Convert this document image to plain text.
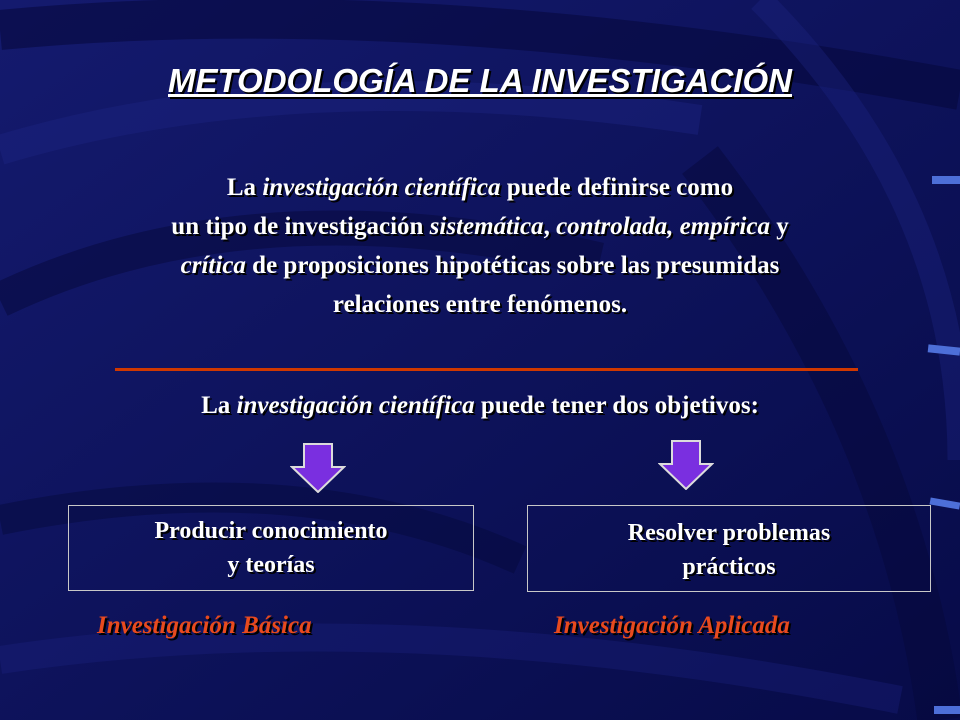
METODOLOGÍA DE LA INVESTIGACIÓN
La investigación científica puede definirse como
un tipo de investigación sistemática, controlada, empírica y
crítica de proposiciones hipotéticas sobre las presumidas
relaciones entre fenómenos.
La investigación científica puede tener dos objetivos:
Producir conocimiento
y teorías
Resolver problemas
prácticos
Investigación Básica	Investigación Aplicada
